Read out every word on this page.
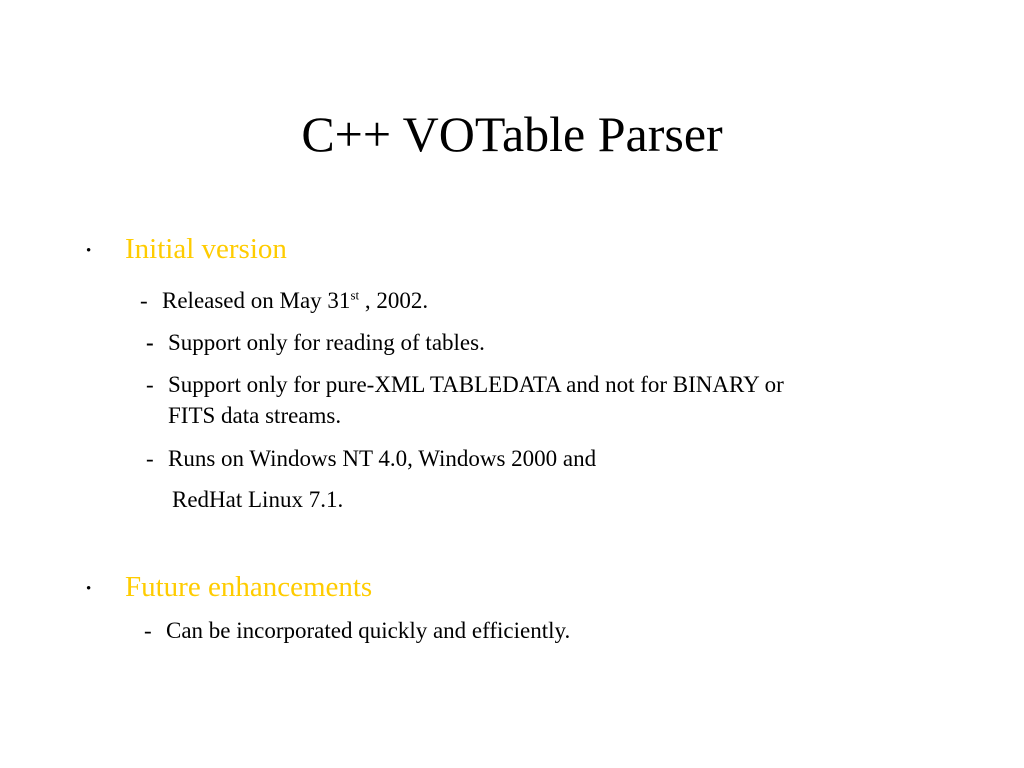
C++ VOTable Parser
• Initial version
- Released on May 31st , 2002.
- Support only for reading of tables.
- Support only for pure-XML TABLEDATA and not for BINARY or
FITS data streams.
- Runs on Windows NT 4.0, Windows 2000 and
RedHat Linux 7.1.
• Future enhancements
- Can be incorporated quickly and efficiently.
